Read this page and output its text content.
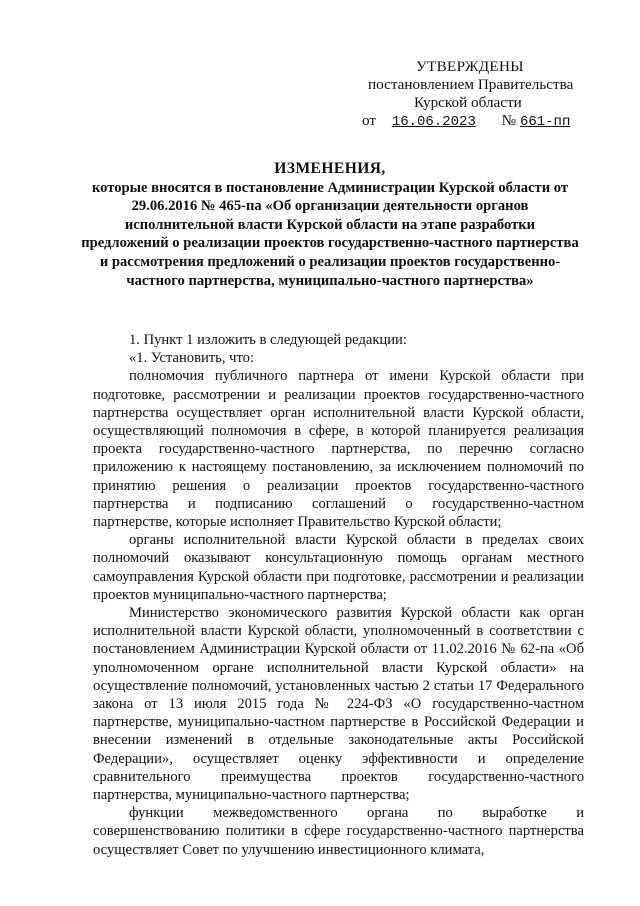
УТВЕРЖДЕНЫ
постановлением Правительства
Курской области
от 16.06.2023 № 661-пп
ИЗМЕНЕНИЯ,
которые вносятся в постановление Администрации Курской области от 29.06.2016 № 465-па «Об организации деятельности органов исполнительной власти Курской области на этапе разработки предложений о реализации проектов государственно-частного партнерства и рассмотрения предложений о реализации проектов государственно-частного партнерства, муниципально-частного партнерства»

1. Пункт 1 изложить в следующей редакции:

«1. Установить, что:

полномочия публичного партнера от имени Курской области при подготовке, рассмотрении и реализации проектов государственно-частного партнерства осуществляет орган исполнительной власти Курской области, осуществляющий полномочия в сфере, в которой планируется реализация проекта государственно-частного партнерства, по перечню согласно приложению к настоящему постановлению, за исключением полномочий по принятию решения о реализации проектов государственно-частного партнерства и подписанию соглашений о государственно-частном партнерстве, которые исполняет Правительство Курской области;

органы исполнительной власти Курской области в пределах своих полномочий оказывают консультационную помощь органам местного самоуправления Курской области при подготовке, рассмотрении и реализации проектов муниципально-частного партнерства;

Министерство экономического развития Курской области как орган исполнительной власти Курской области, уполномоченный в соответствии с постановлением Администрации Курской области от 11.02.2016 № 62-па «Об уполномоченном органе исполнительной власти Курской области» на осуществление полномочий, установленных частью 2 статьи 17 Федерального закона от 13 июля 2015 года № 224-ФЗ «О государственно-частном партнерстве, муниципально-частном партнерстве в Российской Федерации и внесении изменений в отдельные законодательные акты Российской Федерации», осуществляет оценку эффективности и определение сравнительного преимущества проектов государственно-частного партнерства, муниципально-частного партнерства;

функции межведомственного органа по выработке и совершенствованию политики в сфере государственно-частного партнерства осуществляет Совет по улучшению инвестиционного климата,
